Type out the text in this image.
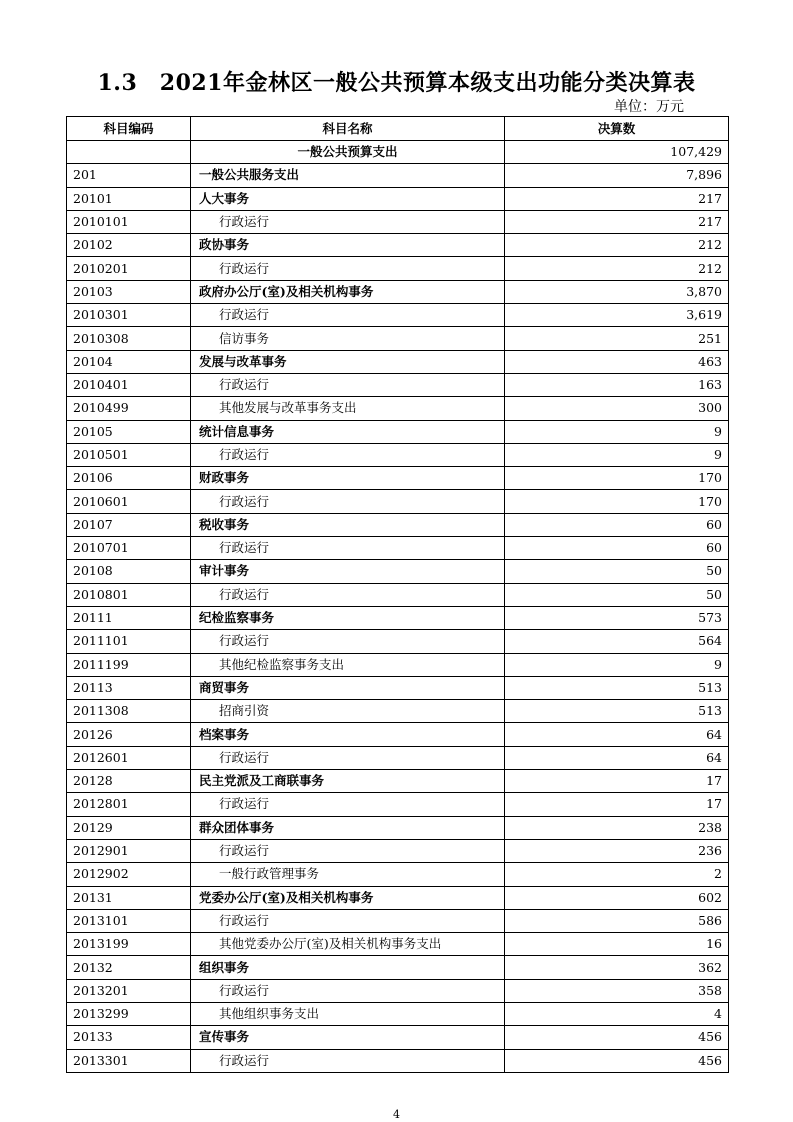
1.3　2021年金林区一般公共预算本级支出功能分类决算表
单位：万元
科目编码	科目名称	决算数
	一般公共预算支出	107,429
201	一般公共服务支出	7,896
20101	人大事务	217
2010101	行政运行	217
20102	政协事务	212
2010201	行政运行	212
20103	政府办公厅(室)及相关机构事务	3,870
2010301	行政运行	3,619
2010308	信访事务	251
20104	发展与改革事务	463
2010401	行政运行	163
2010499	其他发展与改革事务支出	300
20105	统计信息事务	9
2010501	行政运行	9
20106	财政事务	170
2010601	行政运行	170
20107	税收事务	60
2010701	行政运行	60
20108	审计事务	50
2010801	行政运行	50
20111	纪检监察事务	573
2011101	行政运行	564
2011199	其他纪检监察事务支出	9
20113	商贸事务	513
2011308	招商引资	513
20126	档案事务	64
2012601	行政运行	64
20128	民主党派及工商联事务	17
2012801	行政运行	17
20129	群众团体事务	238
2012901	行政运行	236
2012902	一般行政管理事务	2
20131	党委办公厅(室)及相关机构事务	602
2013101	行政运行	586
2013199	其他党委办公厅(室)及相关机构事务支出	16
20132	组织事务	362
2013201	行政运行	358
2013299	其他组织事务支出	4
20133	宣传事务	456
2013301	行政运行	456
4
